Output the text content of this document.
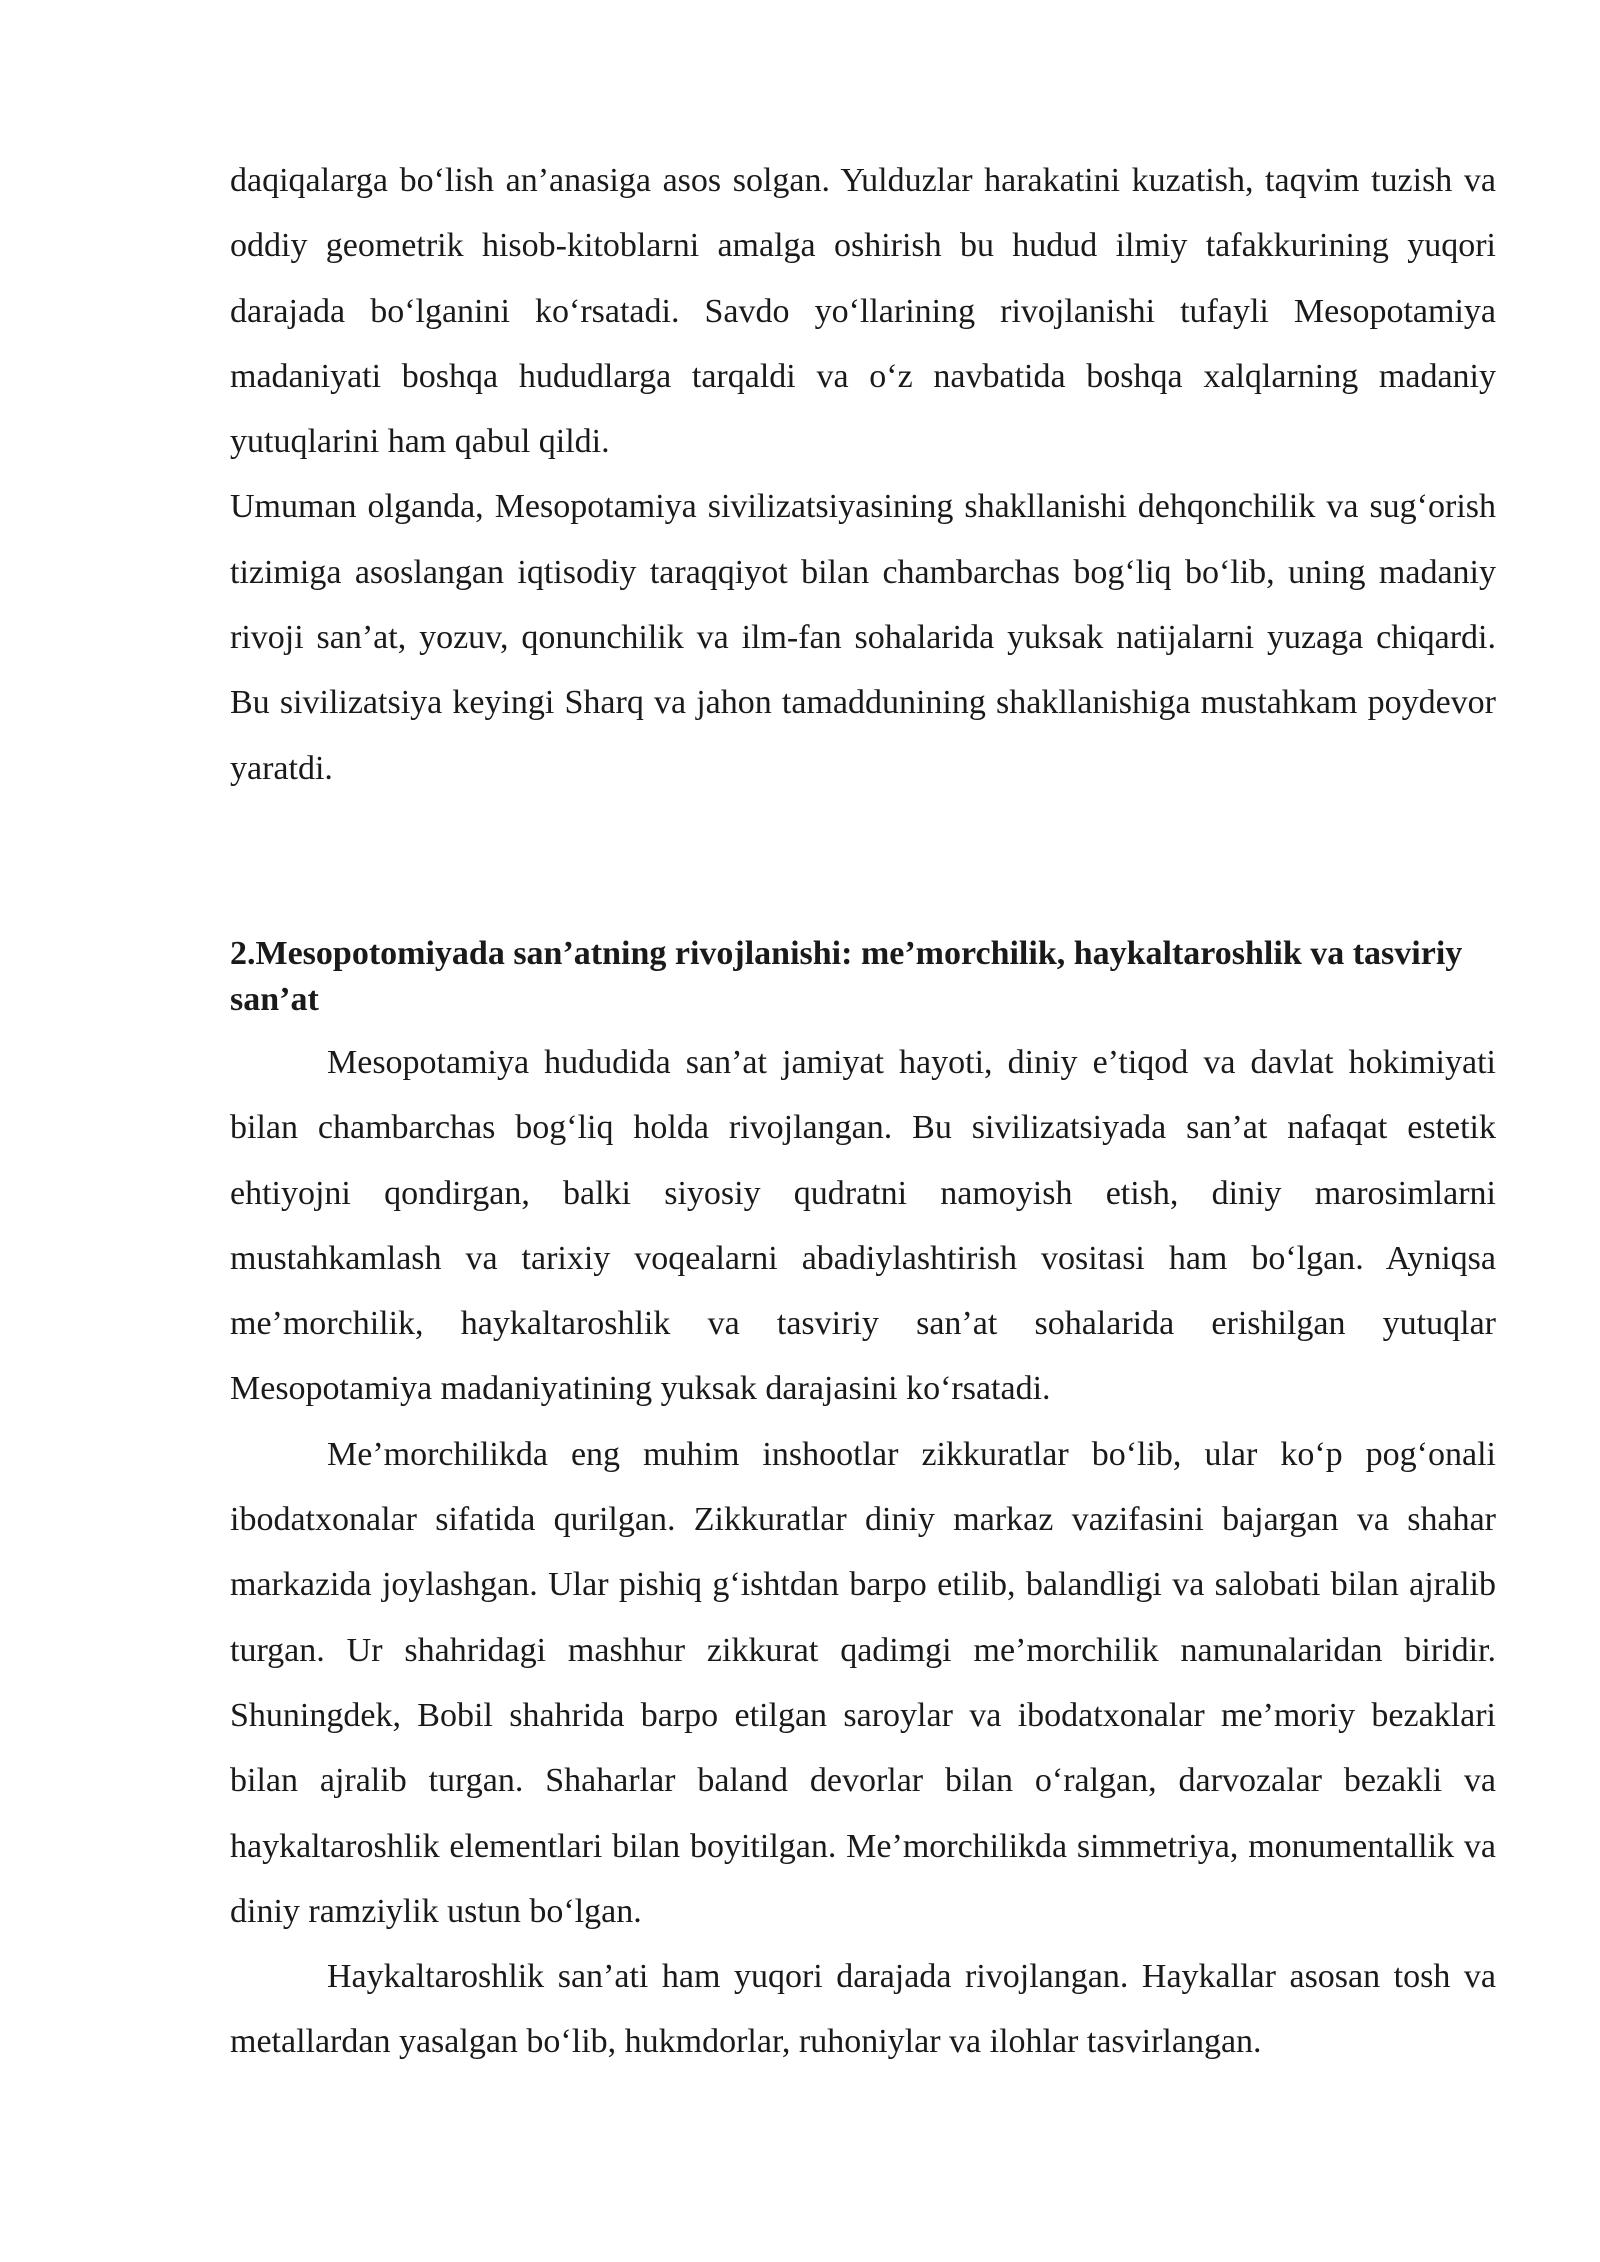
daqiqalarga bo‘lish an’anasiga asos solgan. Yulduzlar harakatini kuzatish, taqvim tuzish va oddiy geometrik hisob-kitoblarni amalga oshirish bu hudud ilmiy tafakkurining yuqori darajada bo‘lganini ko‘rsatadi. Savdo yo‘llarining rivojlanishi tufayli Mesopotamiya madaniyati boshqa hududlarga tarqaldi va o‘z navbatida boshqa xalqlarning madaniy yutuqlarini ham qabul qildi.

Umuman olganda, Mesopotamiya sivilizatsiyasining shakllanishi dehqonchilik va sug‘orish tizimiga asoslangan iqtisodiy taraqqiyot bilan chambarchas bog‘liq bo‘lib, uning madaniy rivoji san’at, yozuv, qonunchilik va ilm-fan sohalarida yuksak natijalarni yuzaga chiqardi. Bu sivilizatsiya keyingi Sharq va jahon tamaddunining shakllanishiga mustahkam poydevor yaratdi.

2.Mesopotomiyada san’atning rivojlanishi: me’morchilik, haykaltaroshlik va tasviriy san’at

Mesopotamiya hududida san’at jamiyat hayoti, diniy e’tiqod va davlat hokimiyati bilan chambarchas bog‘liq holda rivojlangan. Bu sivilizatsiyada san’at nafaqat estetik ehtiyojni qondirgan, balki siyosiy qudratni namoyish etish, diniy marosimlarni mustahkamlash va tarixiy voqealarni abadiylashtirish vositasi ham bo‘lgan. Ayniqsa me’morchilik, haykaltaroshlik va tasviriy san’at sohalarida erishilgan yutuqlar Mesopotamiya madaniyatining yuksak darajasini ko‘rsatadi.

Me’morchilikda eng muhim inshootlar zikkuratlar bo‘lib, ular ko‘p pog‘onali ibodatxonalar sifatida qurilgan. Zikkuratlar diniy markaz vazifasini bajargan va shahar markazida joylashgan. Ular pishiq g‘ishtdan barpo etilib, balandligi va salobati bilan ajralib turgan. Ur shahridagi mashhur zikkurat qadimgi me’morchilik namunalaridan biridir. Shuningdek, Bobil shahrida barpo etilgan saroylar va ibodatxonalar me’moriy bezaklari bilan ajralib turgan. Shaharlar baland devorlar bilan o‘ralgan, darvozalar bezakli va haykaltaroshlik elementlari bilan boyitilgan. Me’morchilikda simmetriya, monumentallik va diniy ramziylik ustun bo‘lgan.

Haykaltaroshlik san’ati ham yuqori darajada rivojlangan. Haykallar asosan tosh va metallardan yasalgan bo‘lib, hukmdorlar, ruhoniylar va ilohlar tasvirlangan.
